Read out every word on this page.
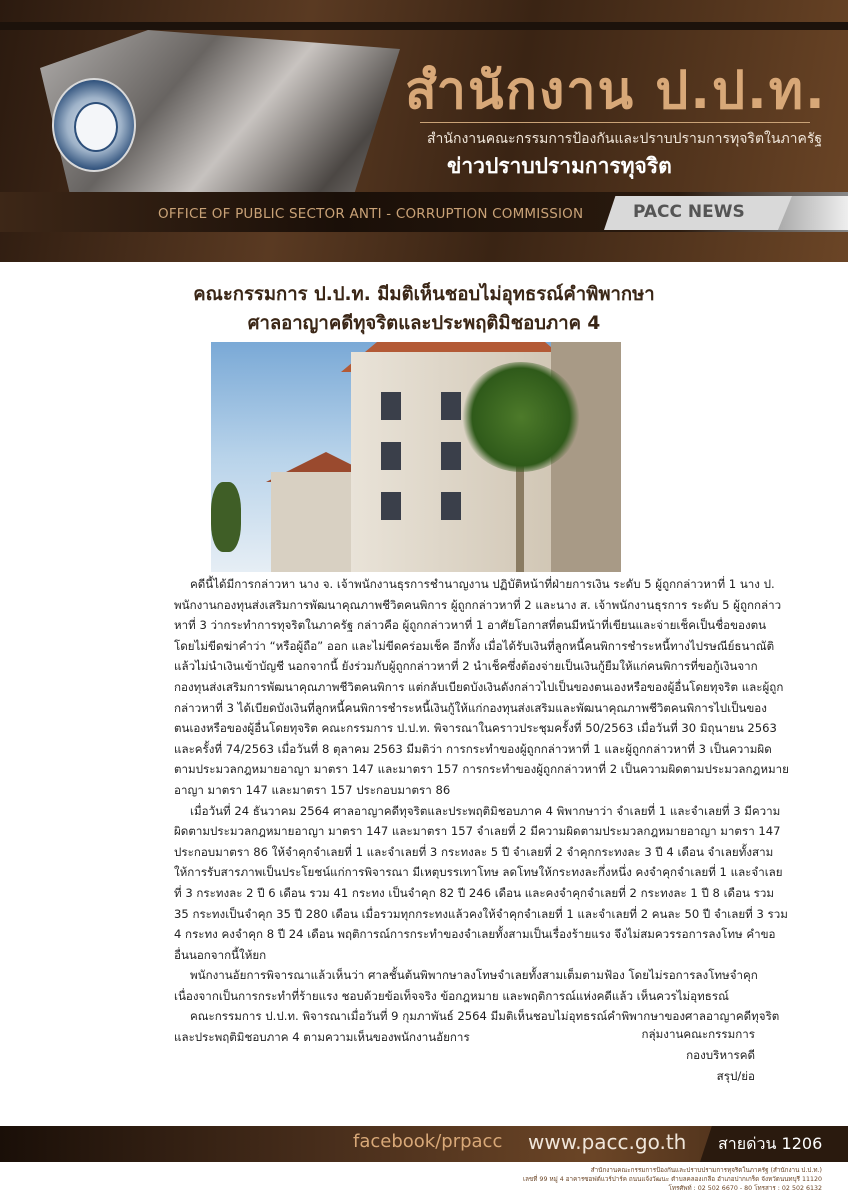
สำนักงาน ป.ป.ท.
สำนักงานคณะกรรมการป้องกันและปราบปรามการทุจริตในภาครัฐ
ข่าวปราบปรามการทุจริต
OFFICE OF PUBLIC SECTOR ANTI - CORRUPTION COMMISSION	PACC NEWS
คณะกรรมการ ป.ป.ท. มีมติเห็นชอบไม่อุทธรณ์คำพิพากษา
ศาลอาญาคดีทุจริตและประพฤติมิชอบภาค 4

คดีนี้ได้มีการกล่าวหา นาง จ. เจ้าพนักงานธุรการชำนาญงาน ปฏิบัติหน้าที่ฝ่ายการเงิน ระดับ 5 ผู้ถูกกล่าวหาที่ 1 นาง ป. พนักงานกองทุนส่งเสริมการพัฒนาคุณภาพชีวิตคนพิการ ผู้ถูกกล่าวหาที่ 2 และนาง ส. เจ้าพนักงานธุรการ ระดับ 5 ผู้ถูกกล่าวหาที่ 3 ว่ากระทำการทุจริตในภาครัฐ กล่าวคือ ผู้ถูกกล่าวหาที่ 1 อาศัยโอกาสที่ตนมีหน้าที่เขียนและจ่ายเช็คเป็นชื่อของตน โดยไม่ขีดฆ่าคำว่า “หรือผู้ถือ” ออก และไม่ขีดคร่อมเช็ค อีกทั้ง เมื่อได้รับเงินที่ลูกหนี้คนพิการชำระหนี้ทางไปรษณีย์ธนาณัติ แล้วไม่นำเงินเข้าบัญชี นอกจากนี้ ยังร่วมกับผู้ถูกกล่าวหาที่ 2 นำเช็คซึ่งต้องจ่ายเป็นเงินกู้ยืมให้แก่คนพิการที่ขอกู้เงินจากกองทุนส่งเสริมการพัฒนาคุณภาพชีวิตคนพิการ แต่กลับเบียดบังเงินดังกล่าวไปเป็นของตนเองหรือของผู้อื่นโดยทุจริต และผู้ถูกกล่าวหาที่ 3 ได้เบียดบังเงินที่ลูกหนี้คนพิการชำระหนี้เงินกู้ให้แก่กองทุนส่งเสริมและพัฒนาคุณภาพชีวิตคนพิการไปเป็นของตนเองหรือของผู้อื่นโดยทุจริต คณะกรรมการ ป.ป.ท. พิจารณาในคราวประชุมครั้งที่ 50/2563 เมื่อวันที่ 30 มิถุนายน 2563 และครั้งที่ 74/2563 เมื่อวันที่ 8 ตุลาคม 2563 มีมติว่า การกระทำของผู้ถูกกล่าวหาที่ 1 และผู้ถูกกล่าวหาที่ 3 เป็นความผิดตามประมวลกฎหมายอาญา มาตรา 147 และมาตรา 157 การกระทำของผู้ถูกกล่าวหาที่ 2 เป็นความผิดตามประมวลกฎหมายอาญา มาตรา 147 และมาตรา 157 ประกอบมาตรา 86

เมื่อวันที่ 24 ธันวาคม 2564 ศาลอาญาคดีทุจริตและประพฤติมิชอบภาค 4 พิพากษาว่า จำเลยที่ 1 และจำเลยที่ 3 มีความผิดตามประมวลกฎหมายอาญา มาตรา 147 และมาตรา 157 จำเลยที่ 2 มีความผิดตามประมวลกฎหมายอาญา มาตรา 147 ประกอบมาตรา 86 ให้จำคุกจำเลยที่ 1 และจำเลยที่ 3 กระทงละ 5 ปี จำเลยที่ 2 จำคุกกระทงละ 3 ปี 4 เดือน จำเลยทั้งสามให้การรับสารภาพเป็นประโยชน์แก่การพิจารณา มีเหตุบรรเทาโทษ ลดโทษให้กระทงละกึ่งหนึ่ง คงจำคุกจำเลยที่ 1 และจำเลยที่ 3 กระทงละ 2 ปี 6 เดือน รวม 41 กระทง เป็นจำคุก 82 ปี 246 เดือน และคงจำคุกจำเลยที่ 2 กระทงละ 1 ปี 8 เดือน รวม 35 กระทงเป็นจำคุก 35 ปี 280 เดือน เมื่อรวมทุกกระทงแล้วคงให้จำคุกจำเลยที่ 1 และจำเลยที่ 2 คนละ 50 ปี จำเลยที่ 3 รวม 4 กระทง คงจำคุก 8 ปี 24 เดือน พฤติการณ์การกระทำของจำเลยทั้งสามเป็นเรื่องร้ายแรง จึงไม่สมควรรอการลงโทษ คำขออื่นนอกจากนี้ให้ยก

พนักงานอัยการพิจารณาแล้วเห็นว่า ศาลชั้นต้นพิพากษาลงโทษจำเลยทั้งสามเต็มตามฟ้อง โดยไม่รอการลงโทษจำคุก เนื่องจากเป็นการกระทำที่ร้ายแรง ชอบด้วยข้อเท็จจริง ข้อกฎหมาย และพฤติการณ์แห่งคดีแล้ว เห็นควรไม่อุทธรณ์

คณะกรรมการ ป.ป.ท. พิจารณาเมื่อวันที่ 9 กุมภาพันธ์ 2564 มีมติเห็นชอบไม่อุทธรณ์คำพิพากษาของศาลอาญาคดีทุจริตและประพฤติมิชอบภาค 4 ตามความเห็นของพนักงานอัยการ	กลุ่มงานคณะกรรมการ
กองบริหารคดี
สรุป/ย่อ
facebook/prpacc www.pacc.go.th สายด่วน 1206
สำนักงานคณะกรรมการป้องกันและปราบปรามการทุจริตในภาครัฐ (สำนักงาน ป.ป.ท.)
เลขที่ 99 หมู่ 4 อาคารซอฟต์แวร์ปาร์ค ถนนแจ้งวัฒนะ ตำบลคลองเกลือ อำเภอปากเกร็ด จังหวัดนนทบุรี 11120
โทรศัพท์ : 02 502 6670 - 80 โทรสาร : 02 502 6132
